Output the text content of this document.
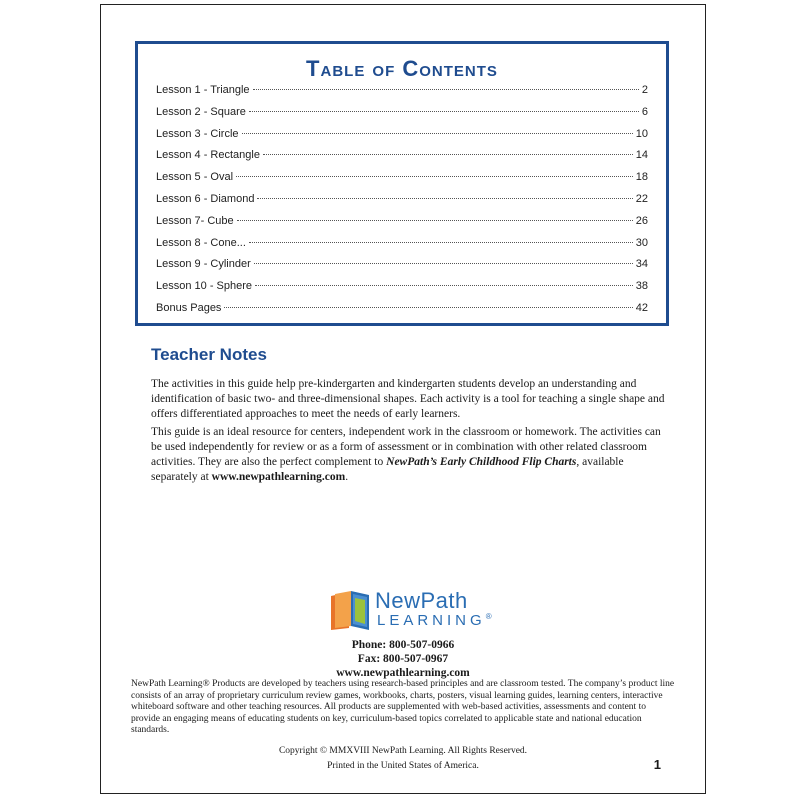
Table of Contents
Lesson 1 - Triangle	2
Lesson 2 - Square	6
Lesson 3 - Circle	10
Lesson 4 - Rectangle	14
Lesson 5 - Oval	18
Lesson 6 - Diamond	22
Lesson 7- Cube	26
Lesson 8 - Cone...	30
Lesson 9 - Cylinder	34
Lesson 10 - Sphere	38
Bonus Pages	42
Teacher Notes
The activities in this guide help pre-kindergarten and kindergarten students develop an understanding and identification of basic two- and three-dimensional shapes. Each activity is a tool for teaching a single shape and offers differentiated approaches to meet the needs of early learners.
This guide is an ideal resource for centers, independent work in the classroom or homework. The activities can be used independently for review or as a form of assessment or in combination with other related classroom activities. They are also the perfect complement to NewPath’s Early Childhood Flip Charts, available separately at www.newpathlearning.com.
NewPath
LEARNING®
Phone: 800-507-0966
Fax: 800-507-0967
www.newpathlearning.com
NewPath Learning® Products are developed by teachers using research-based principles and are classroom tested. The company’s product line consists of an array of proprietary curriculum review games, workbooks, charts, posters, visual learning guides, learning centers, interactive whiteboard software and other teaching resources. All products are supplemented with web-based activities, assessments and content to provide an engaging means of educating students on key, curriculum-based topics correlated to applicable state and national education standards.
Copyright © MMXVIII NewPath Learning. All Rights Reserved.
Printed in the United States of America.	1
